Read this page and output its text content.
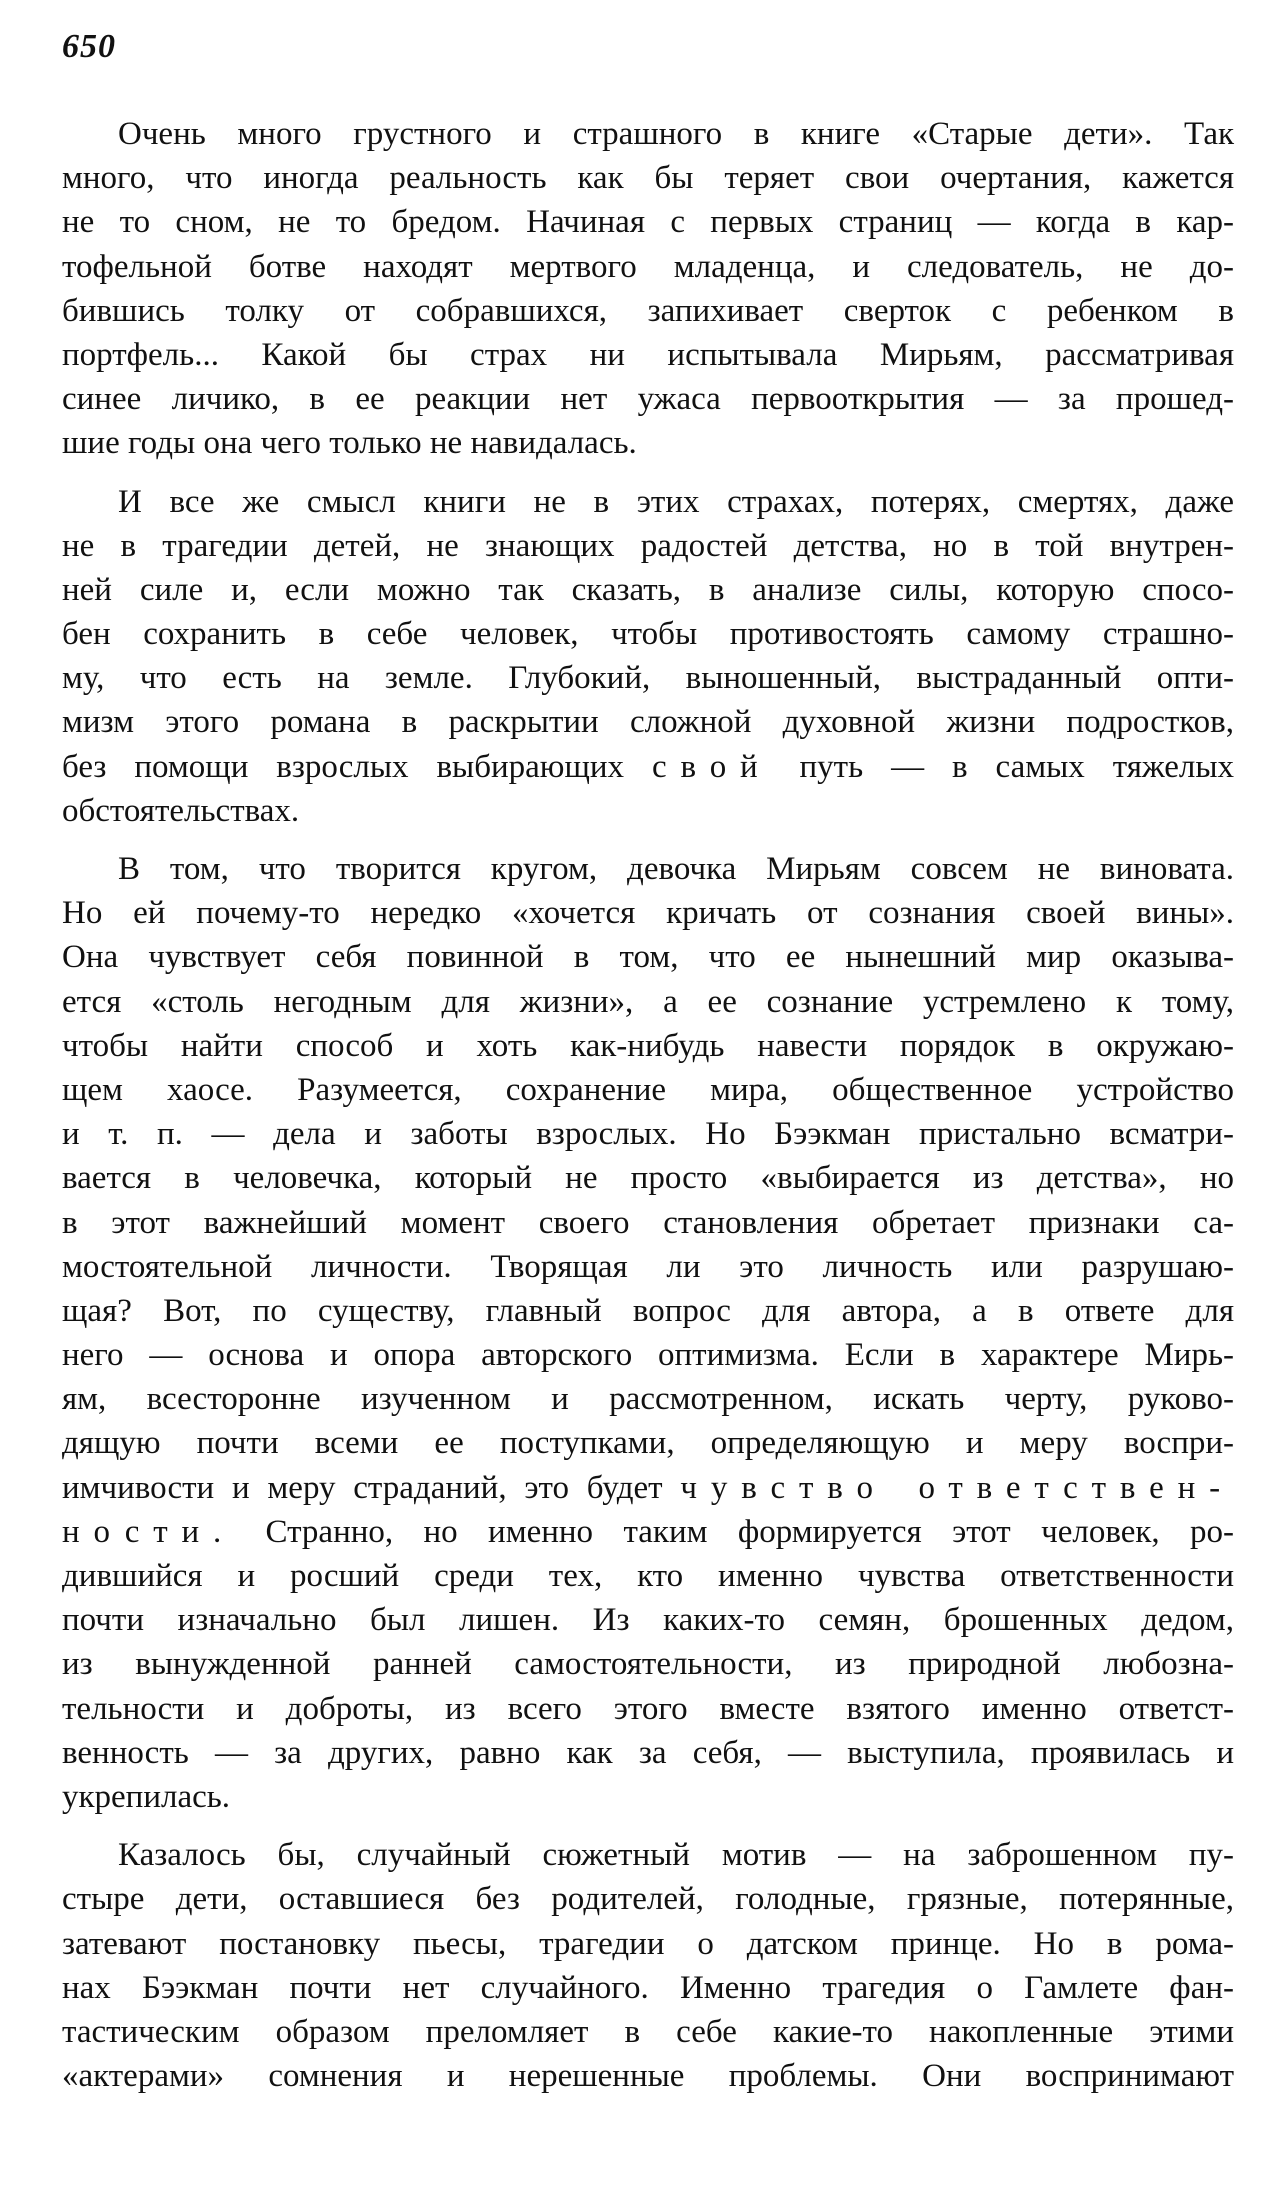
650
Очень много грустного и страшного в книге «Старые дети». Так
много, что иногда реальность как бы теряет свои очертания, кажется
не то сном, не то бредом. Начиная с первых страниц — когда в кар-
тофельной ботве находят мертвого младенца, и следователь, не до-
бившись толку от собравшихся, запихивает сверток с ребенком в
портфель... Какой бы страх ни испытывала Мирьям, рассматривая
синее личико, в ее реакции нет ужаса первооткрытия — за прошед-
шие годы она чего только не навидалась.
И все же смысл книги не в этих страхах, потерях, смертях, даже
не в трагедии детей, не знающих радостей детства, но в той внутрен-
ней силе и, если можно так сказать, в анализе силы, которую спосо-
бен сохранить в себе человек, чтобы противостоять самому страшно-
му, что есть на земле. Глубокий, выношенный, выстраданный опти-
мизм этого романа в раскрытии сложной духовной жизни подростков,
без помощи взрослых выбирающих свой путь — в самых тяжелых
обстоятельствах.
В том, что творится кругом, девочка Мирьям совсем не виновата.
Но ей почему-то нередко «хочется кричать от сознания своей вины».
Она чувствует себя повинной в том, что ее нынешний мир оказыва-
ется «столь негодным для жизни», а ее сознание устремлено к тому,
чтобы найти способ и хоть как-нибудь навести порядок в окружаю-
щем хаосе. Разумеется, сохранение мира, общественное устройство
и т. п. — дела и заботы взрослых. Но Бээкман пристально всматри-
вается в человечка, который не просто «выбирается из детства», но
в этот важнейший момент своего становления обретает признаки са-
мостоятельной личности. Творящая ли это личность или разрушаю-
щая? Вот, по существу, главный вопрос для автора, а в ответе для
него — основа и опора авторского оптимизма. Если в характере Мирь-
ям, всесторонне изученном и рассмотренном, искать черту, руково-
дящую почти всеми ее поступками, определяющую и меру воспри-
имчивости и меру страданий, это будет чувство ответствен-
ности. Странно, но именно таким формируется этот человек, ро-
дившийся и росший среди тех, кто именно чувства ответственности
почти изначально был лишен. Из каких-то семян, брошенных дедом,
из вынужденной ранней самостоятельности, из природной любозна-
тельности и доброты, из всего этого вместе взятого именно ответст-
венность — за других, равно как за себя, — выступила, проявилась и
укрепилась.
Казалось бы, случайный сюжетный мотив — на заброшенном пу-
стыре дети, оставшиеся без родителей, голодные, грязные, потерянные,
затевают постановку пьесы, трагедии о датском принце. Но в рома-
нах Бээкман почти нет случайного. Именно трагедия о Гамлете фан-
тастическим образом преломляет в себе какие-то накопленные этими
«актерами» сомнения и нерешенные проблемы. Они воспринимают
